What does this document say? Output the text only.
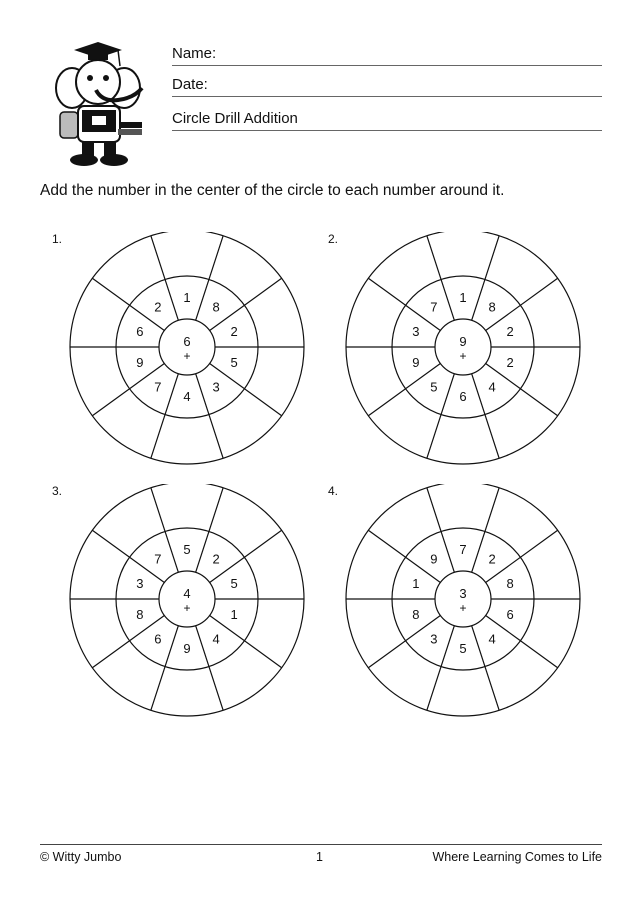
Name:
Date:
Circle Drill Addition
Add the number in the center of the circle to each number around it.
1.
1
8
2
5
3
4
7
9
6
2
6
+
2.
1
8
2
2
4
6
5
9
3
7
9
+
3.
5
2
5
1
4
9
6
8
3
7
4
+
4.
7
2
8
6
4
5
3
8
1
9
3
+
© Witty Jumbo	1	Where Learning Comes to Life
